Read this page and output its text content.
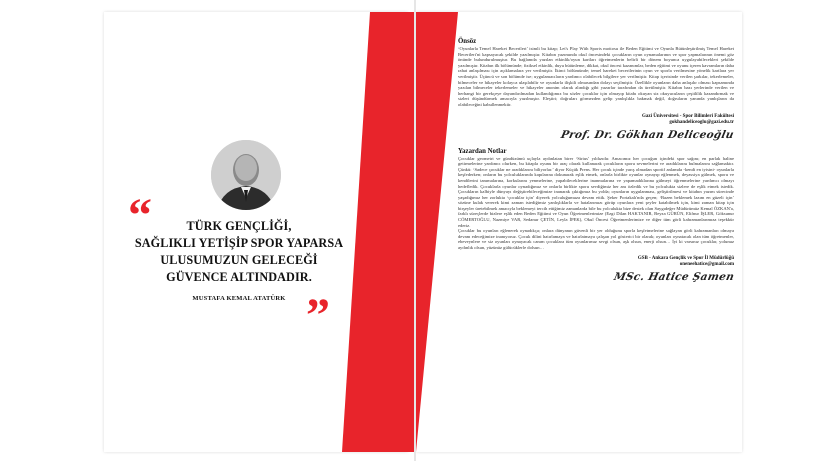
“	TÜRK GENÇLİĞİ,
SAĞLIKLI YETİŞİP SPOR YAPARSA
ULUSUMUZUN GELECEĞİ
GÜVENCE ALTINDADIR.
MUSTAFA KEMAL ATATÜRK ”
Önsöz

‘Oyunlarla Temel Hareket Becerileri’ isimli bu kitap; Let's Play With Sports mottosu ile Beden Eğitimi ve Oyunla Bütünleştirilmiş Temel Hareket Becerileri'ni kapsayacak şekilde yazılmıştır. Kitabın yazımında okul öncesindeki çocukların oyun oynamalarının ve spor yapmalarının önemi göz önünde bulundurulmuştur. Bu bağlamda yazılan etkinlik/oyun kartları öğretmenlerin belirli bir dönem boyunca uygulayabilecekleri şekilde yazılmıştır. Kitabın ilk bölümünde; fiziksel etkinlik, duyu bütünleme, dikkat, okul öncesi kazanımlar, beden eğitimi ve oyunu içeren kavramların daha rahat anlaşılması için açıklamalara yer verilmiştir. İkinci bölümünde; temel hareket becerilerinin oyun ve sporla verilmesine yönelik kartlara yer verilmiştir. Üçüncü ve son bölümde ise; uygulamacıların yardımcı olabilecek bilgilere yer verilmiştir. Kitap içerisinde verilen şarkılar, tekerlemeler, bilmeceler ve hikayeler kolayca ulaşılabilir ve oyunlarla ilişkili olmasından dolayı seçilmiştir. Özellikle oyunların daha anlaşılır olması kapsamında yazılan bilmeceler tekerlemeler ve hikayeler anonim olarak alındığı gibi yazarlar tarafından da üretilmiştir. Kitabın bazı yerlerinde verilen ve herhangi bir gerekçeye dayandırılmadan kullandığımız bu sözler çocuklar için olmayıp kitabı okuyan siz okuyucuların çeşitlilik kazandırmak ve sizleri düşündürmek amacıyla yazılmıştır. Eleştiri; doğruları görmezden gelip yanlışlıkla bakmak değil, doğruların yanında yanlışların da olabileceğini kabullenmektir.

Gazi Üniversitesi - Spor Bilimleri Fakültesi
gokhandeliceoglu@gazi.edu.tr
Prof. Dr. Gökhan Deliceoğlu
Yazardan Notlar

Çocuklar geometri ve gündüzümü uçlayla aydınlatan birer ‘Sirius’ yıldızıdır. Amacımız her çocuğun içindeki spor sağını; en parlak haline getirmelerine yardımcı olurken, bu kitapla oyunu bir araç olarak kullanarak çocukların sporu sevmelerini ve aradıklarını bulmalarını sağlamaktır. Çünkü: ‘Sadece çocuklar ne aradıklarını biliyorlar.’ diyor Küçük Prens. Her çocuk içinde yarış olmadan sportif anlamda -kendi en iyisini- oyunlarla keşfederken; onların bu yolculuklarında kapılarına dokunarak eşlik etmek, onlarla birlikte oyunlar oynayıp eğlenmek, deyassiya gülmek, sporu ve kendilerini tanımalarına, korkularını yenmelerine, yapabileceklerine inanmalarına ve yapamadıklarına gülmeyi öğrenmelerine yardımcı olmayı hedefledik. Çocuklarla oyunlar oynadığımız ve onlarla birlikte sporu sevdiğimiz her anı özledik ve bu yolculukta sizlere de eşlik etmek istedik. Çocukların kalbiyle dünyayı değiştirebileceğimize inanarak çıktığımız bu yolda; oyunların uygulanması, geliştirilmesi ve kitabın yazım sürecinde yaşadığımız her zorlukta ‘çocuklar için’ diyerek yolculuğumuza devam ettik. Şeker Portakalı'nda geçen; ‘Bazen beklemek lazım en güzeli için’ sözüne kulak vererek kimi zaman istediğimiz yanlışlıklarla ve hatalarımızı görüp oyunlara yeni şeyler katabilmek için, kimi zaman kitap için birşeyler üretebilmek amacıyla beklemeyi tercih ettiğimiz zamanlarda bile bu yolculukta bize destek olan Saygıdeğer Müdürümüz Kemal ÖZKAN'a, farklı süreçlerde bizlere eşlik eden Beden Eğitimi ve Oyun Öğretmenlerimize (Ezgi Dilan HAKTANIR, Beyza GÜRÜN, Elifnur İŞLER, Göksunur CÖMERTOĞLU, Nazmiye VAR, Sedanur ÇETİN, Leyla İPEK), Okul Öncesi Öğretmenlerimize ve diğer tüm görli kahramanlarımıza teşekkür ederiz.

Çocuklar bu oyunları eğlenerek oynadıkça; onlara dünyanın güvenli bir yer olduğunu sporla keşfetmelerine sağlayan görli kahramanları olmaya devam edeceğimize inanıyoruz. Çocuk dilini hatırlamaya ve hatırlatmaya çalışan yol gösterici bir olarak; oyunları oynatacak olan tüm öğretmenler, ebeveynlere ve siz oyunları oynayacak canım çocuklara tüm oyunlarımız sevgi olsun, aşk olsun, enerji olsun… İyi ki varsınız çocuklar, yolunuz aydınlık olsun, yüzünüz gülücüklerle dolsun…

GSB - Ankara Gençlik ve Spor İl Müdürlüğü
oneneehatice@gmail.com
MSc. Hatice Şamen
